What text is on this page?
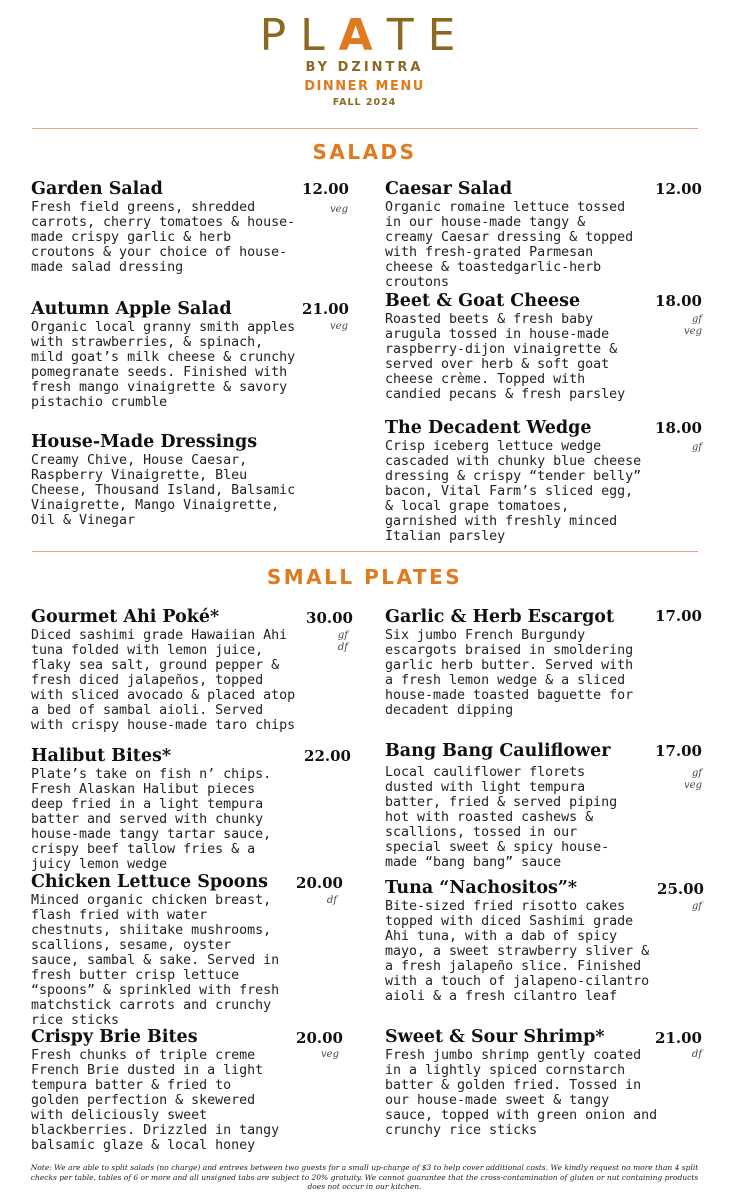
PLATE
BY DZINTRA
DINNER MENU
FALL 2024
SALADS
Garden Salad
Fresh field greens, shredded carrots, cherry tomatoes & house-made crispy garlic & herb croutons & your choice of house-made salad dressing
12.00
veg
Caesar Salad
Organic romaine lettuce tossed in our house-made tangy & creamy Caesar dressing & topped with fresh-grated Parmesan cheese & toastedgarlic-herb croutons
12.00
Autumn Apple Salad
Organic local granny smith apples with strawberries, & spinach, mild goat’s milk cheese & crunchy pomegranate seeds. Finished with fresh mango vinaigrette & savory pistachio crumble
21.00
veg
Beet & Goat Cheese
Roasted beets & fresh baby arugula tossed in house-made raspberry-dijon vinaigrette & served over herb & soft goat cheese crème. Topped with candied pecans & fresh parsley
18.00
gf
veg
House-Made Dressings
Creamy Chive, House Caesar, Raspberry Vinaigrette, Bleu Cheese, Thousand Island, Balsamic Vinaigrette, Mango Vinaigrette, Oil & Vinegar
The Decadent Wedge
Crisp iceberg lettuce wedge cascaded with chunky blue cheese dressing & crispy “tender belly” bacon, Vital Farm’s sliced egg, & local grape tomatoes, garnished with freshly minced Italian parsley
18.00
gf
SMALL PLATES
Gourmet Ahi Poké*
Diced sashimi grade Hawaiian Ahi tuna folded with lemon juice, flaky sea salt, ground pepper & fresh diced jalapeños, topped with sliced avocado & placed atop a bed of sambal aioli. Served with crispy house-made taro chips
30.00
gf
df
Garlic & Herb Escargot
Six jumbo French Burgundy escargots braised in smoldering garlic herb butter. Served with a fresh lemon wedge & a sliced house-made toasted baguette for decadent dipping
17.00
Halibut Bites*
Plate’s take on fish n’ chips. Fresh Alaskan Halibut pieces deep fried in a light tempura batter and served with chunky house-made tangy tartar sauce, crispy beef tallow fries & a juicy lemon wedge
22.00 Bang Bang Cauliflower
Local cauliflower florets dusted with light tempura batter, fried & served piping hot with roasted cashews & scallions, tossed in our special sweet & spicy house-made “bang bang” sauce
17.00
gf
veg
Chicken Lettuce Spoons
Minced organic chicken breast, flash fried with water chestnuts, shiitake mushrooms, scallions, sesame, oyster sauce, sambal & sake. Served in fresh butter crisp lettuce “spoons” & sprinkled with fresh matchstick carrots and crunchy rice sticks
20.00
df
Tuna “Nachositos”*
Bite-sized fried risotto cakes topped with diced Sashimi grade Ahi tuna, with a dab of spicy mayo, a sweet strawberry sliver & a fresh jalapeño slice. Finished with a touch of jalapeno-cilantro aioli & a fresh cilantro leaf
25.00
gf
Crispy Brie Bites
Fresh chunks of triple creme French Brie dusted in a light tempura batter & fried to golden perfection & skewered with deliciously sweet blackberries. Drizzled in tangy balsamic glaze & local honey
20.00
veg
Sweet & Sour Shrimp*
Fresh jumbo shrimp gently coated in a lightly spiced cornstarch batter & golden fried. Tossed in our house-made sweet & tangy sauce, topped with green onion and crunchy rice sticks
21.00
df
Note: We are able to split salads (no charge) and entrees between two guests for a small up-charge of $3 to help cover additional costs. We kindly request no more than 4 split checks per table, tables of 6 or more and all unsigned tabs are subject to 20% gratuity. We cannot guarantee that the cross-contamination of gluten or nut containing products does not occur in our kitchen.
